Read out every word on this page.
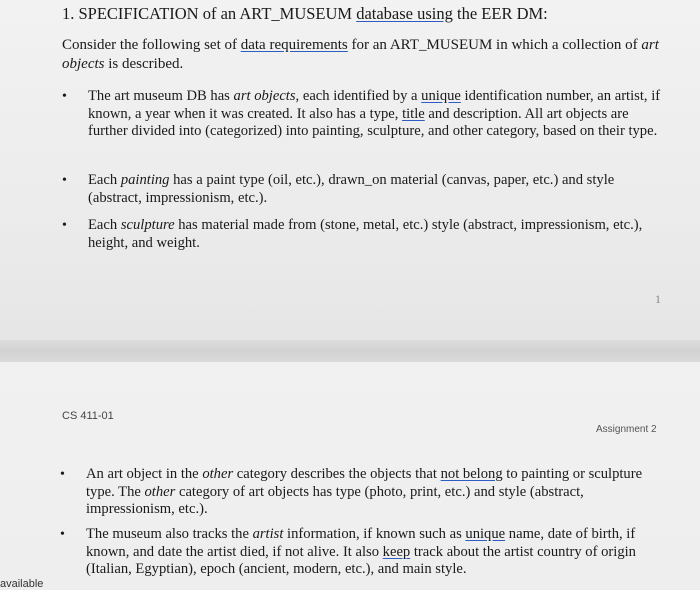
1. SPECIFICATION of an ART_MUSEUM database using the EER DM:
Consider the following set of data requirements for an ART_MUSEUM in which a collection of art objects is described.
• The art museum DB has art objects, each identified by a unique identification number, an artist, if known, a year when it was created. It also has a type, title and description. All art objects are further divided into (categorized) into painting, sculpture, and other category, based on their type.
• Each painting has a paint type (oil, etc.), drawn_on material (canvas, paper, etc.) and style (abstract, impressionism, etc.).
• Each sculpture has material made from (stone, metal, etc.) style (abstract, impressionism, etc.), height, and weight.
1
CS 411-01
Assignment 2
• An art object in the other category describes the objects that not belong to painting or sculpture type. The other category of art objects has type (photo, print, etc.) and style (abstract, impressionism, etc.).
• The museum also tracks the artist information, if known such as unique name, date of birth, if known, and date the artist died, if not alive. It also keep track about the artist country of origin (Italian, Egyptian), epoch (ancient, modern, etc.), and main style.
available
